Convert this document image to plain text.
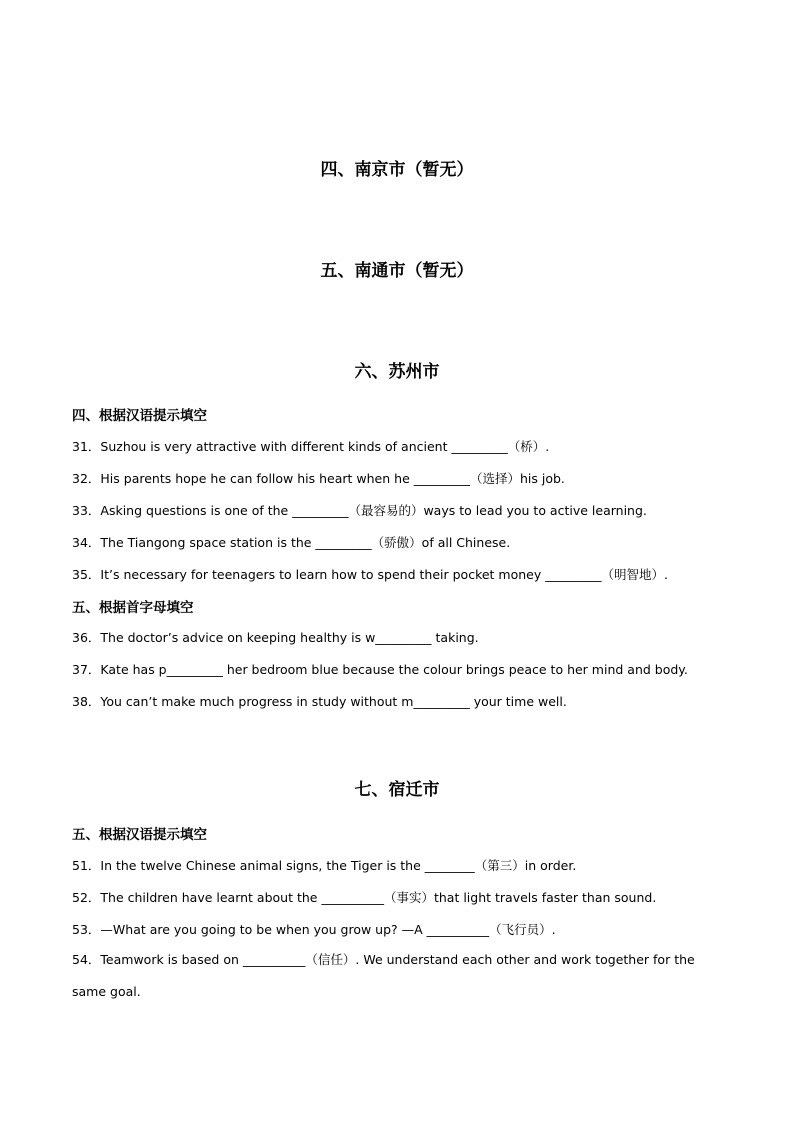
四、南京市（暂无）
五、南通市（暂无）
六、苏州市
四、根据汉语提示填空
31．Suzhou is very attractive with different kinds of ancient _________（桥）.
32．His parents hope he can follow his heart when he _________（选择）his job.
33．Asking questions is one of the _________（最容易的）ways to lead you to active learning.
34．The Tiangong space station is the _________（骄傲）of all Chinese.
35．It’s necessary for teenagers to learn how to spend their pocket money _________（明智地）.
五、根据首字母填空
36．The doctor’s advice on keeping healthy is w_________ taking.
37．Kate has p_________ her bedroom blue because the colour brings peace to her mind and body.
38．You can’t make much progress in study without m_________ your time well.
七、宿迁市
五、根据汉语提示填空
51．In the twelve Chinese animal signs, the Tiger is the ________（第三）in order.
52．The children have learnt about the __________（事实）that light travels faster than sound.
53．—What are you going to be when you grow up? —A __________（飞行员）.
54．Teamwork is based on __________（信任）. We understand each other and work together for the same goal.
